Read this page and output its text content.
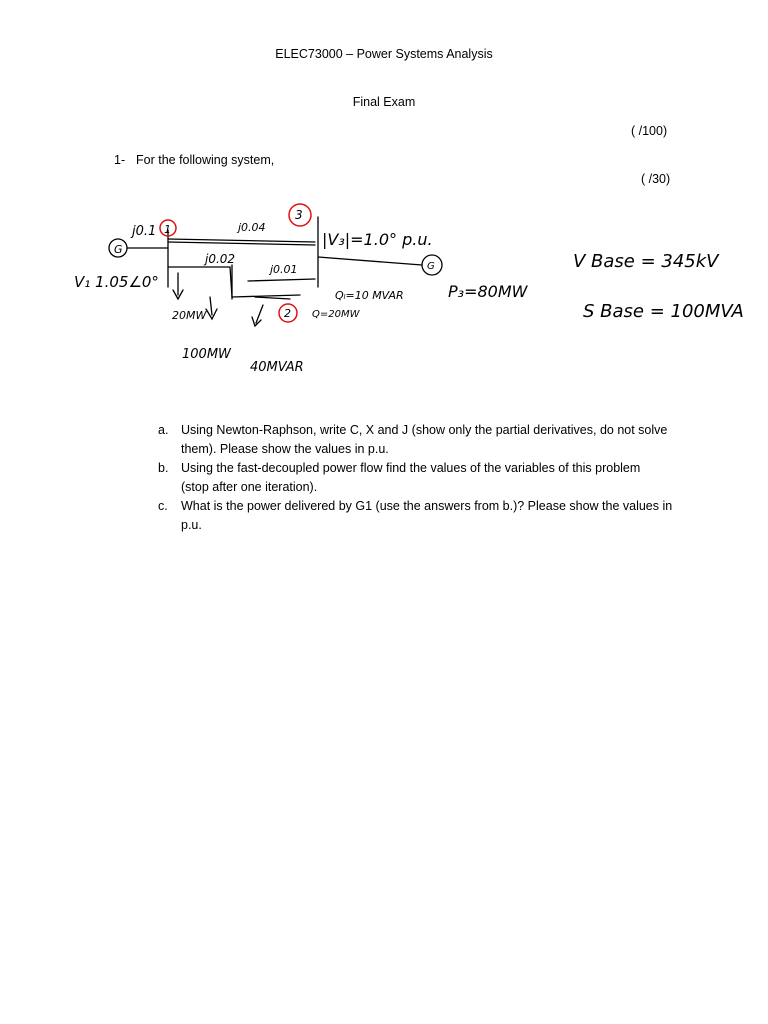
ELEC73000 – Power Systems Analysis
Final Exam
( /100)
1- For the following system,
( /30)
j0.1 1
G
V₁ 1.05∠0°
j0.02
j0.04
j0.01
3
2
|V₃|=1.0° p.u.
Qₗ=10 MVAR
G
P₃=80MW
20MW
100MW
40MVAR
Q=20MW
V Base = 345kV
S Base = 100MVA
a.	Using Newton-Raphson, write C, X and J (show only the partial derivatives, do not solve
them). Please show the values in p.u.
b.	Using the fast-decoupled power flow find the values of the variables of this problem
(stop after one iteration).
c.	What is the power delivered by G1 (use the answers from b.)? Please show the values in
p.u.
